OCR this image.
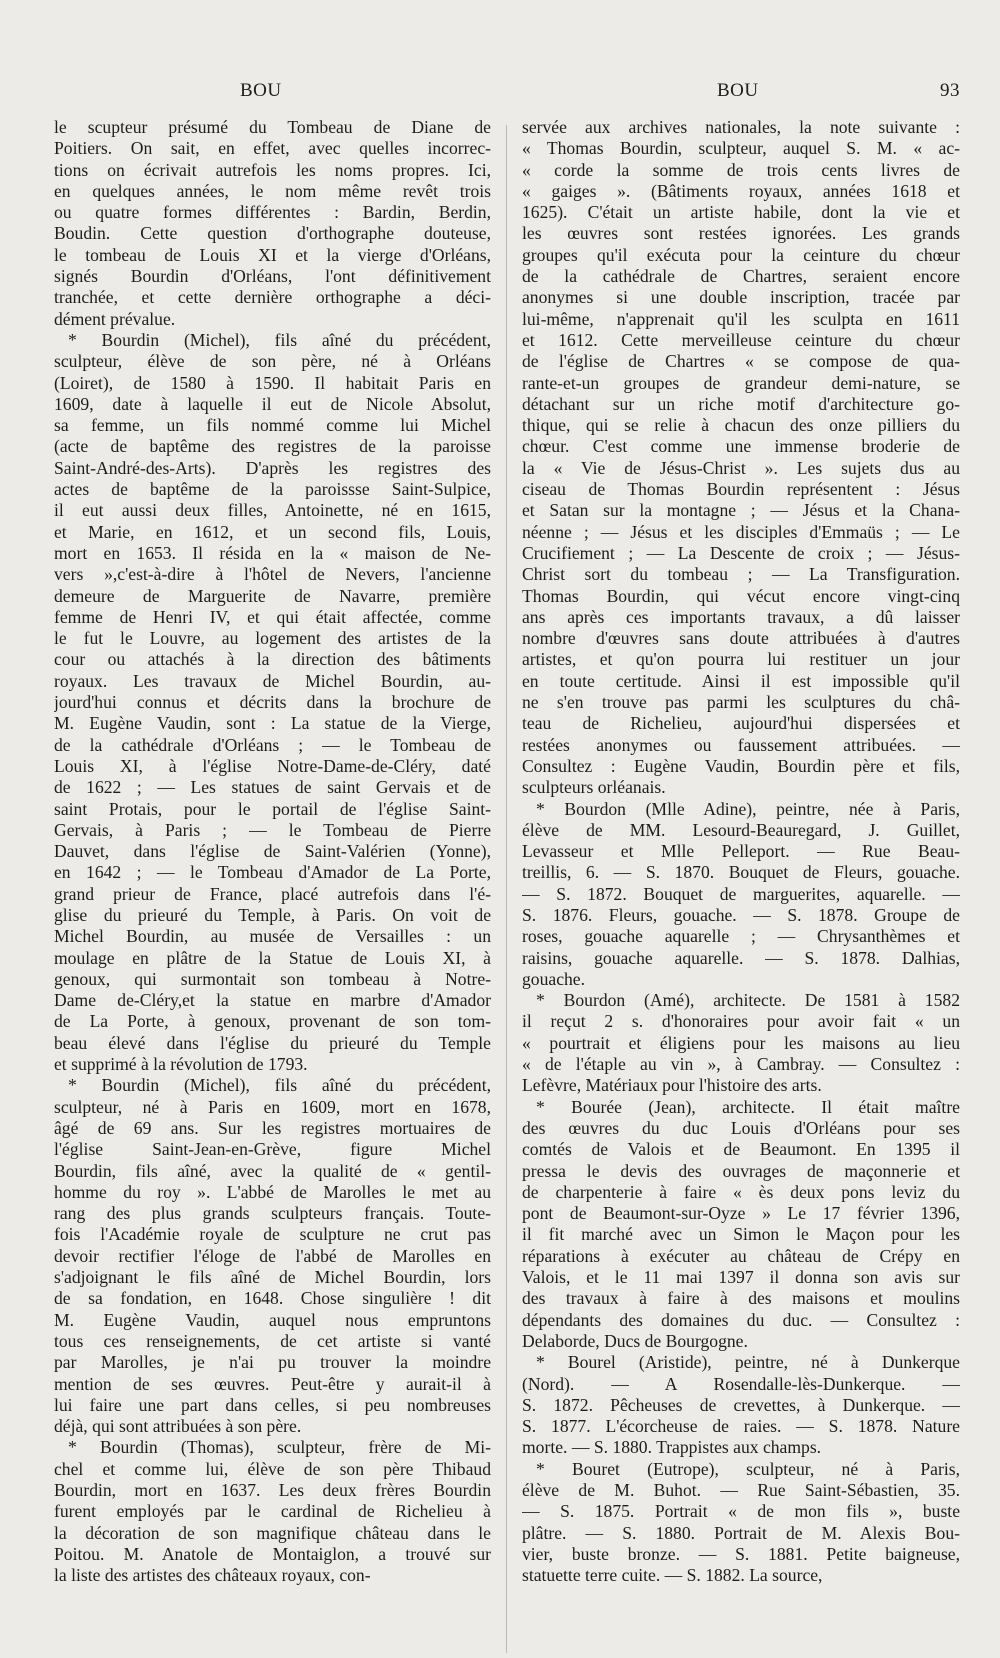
BOU	BOU	93
le scupteur présumé du Tombeau de Diane de
Poitiers. On sait, en effet, avec quelles incorrec-
tions on écrivait autrefois les noms propres. Ici,
en quelques années, le nom même revêt trois
ou quatre formes différentes : Bardin, Berdin,
Boudin. Cette question d'orthographe douteuse,
le tombeau de Louis XI et la vierge d'Orléans,
signés Bourdin d'Orléans, l'ont définitivement
tranchée, et cette dernière orthographe a déci-
dément prévalue.
* Bourdin (Michel), fils aîné du précédent,
sculpteur, élève de son père, né à Orléans
(Loiret), de 1580 à 1590. Il habitait Paris en
1609, date à laquelle il eut de Nicole Absolut,
sa femme, un fils nommé comme lui Michel
(acte de baptême des registres de la paroisse
Saint-André-des-Arts). D'après les registres des
actes de baptême de la paroissse Saint-Sulpice,
il eut aussi deux filles, Antoinette, né en 1615,
et Marie, en 1612, et un second fils, Louis,
mort en 1653. Il résida en la « maison de Ne-
vers »,c'est-à-dire à l'hôtel de Nevers, l'ancienne
demeure de Marguerite de Navarre, première
femme de Henri IV, et qui était affectée, comme
le fut le Louvre, au logement des artistes de la
cour ou attachés à la direction des bâtiments
royaux. Les travaux de Michel Bourdin, au-
jourd'hui connus et décrits dans la brochure de
M. Eugène Vaudin, sont : La statue de la Vierge,
de la cathédrale d'Orléans ; — le Tombeau de
Louis XI, à l'église Notre-Dame-de-Cléry, daté
de 1622 ; — Les statues de saint Gervais et de
saint Protais, pour le portail de l'église Saint-
Gervais, à Paris ; — le Tombeau de Pierre
Dauvet, dans l'église de Saint-Valérien (Yonne),
en 1642 ; — le Tombeau d'Amador de La Porte,
grand prieur de France, placé autrefois dans l'é-
glise du prieuré du Temple, à Paris. On voit de
Michel Bourdin, au musée de Versailles : un
moulage en plâtre de la Statue de Louis XI, à
genoux, qui surmontait son tombeau à Notre-
Dame de-Cléry,et la statue en marbre d'Amador
de La Porte, à genoux, provenant de son tom-
beau élevé dans l'église du prieuré du Temple
et supprimé à la révolution de 1793.
* Bourdin (Michel), fils aîné du précédent,
sculpteur, né à Paris en 1609, mort en 1678,
âgé de 69 ans. Sur les registres mortuaires de
l'église Saint-Jean-en-Grève, figure Michel
Bourdin, fils aîné, avec la qualité de « gentil-
homme du roy ». L'abbé de Marolles le met au
rang des plus grands sculpteurs français. Toute-
fois l'Académie royale de sculpture ne crut pas
devoir rectifier l'éloge de l'abbé de Marolles en
s'adjoignant le fils aîné de Michel Bourdin, lors
de sa fondation, en 1648. Chose singulière ! dit
M. Eugène Vaudin, auquel nous empruntons
tous ces renseignements, de cet artiste si vanté
par Marolles, je n'ai pu trouver la moindre
mention de ses œuvres. Peut-être y aurait-il à
lui faire une part dans celles, si peu nombreuses
déjà, qui sont attribuées à son père.
* Bourdin (Thomas), sculpteur, frère de Mi-
chel et comme lui, élève de son père Thibaud
Bourdin, mort en 1637. Les deux frères Bourdin
furent employés par le cardinal de Richelieu à
la décoration de son magnifique château dans le
Poitou. M. Anatole de Montaiglon, a trouvé sur
la liste des artistes des châteaux royaux, con-
servée aux archives nationales, la note suivante :
« Thomas Bourdin, sculpteur, auquel S. M. « ac-
« corde la somme de trois cents livres de
« gaiges ». (Bâtiments royaux, années 1618 et
1625). C'était un artiste habile, dont la vie et
les œuvres sont restées ignorées. Les grands
groupes qu'il exécuta pour la ceinture du chœur
de la cathédrale de Chartres, seraient encore
anonymes si une double inscription, tracée par
lui-même, n'apprenait qu'il les sculpta en 1611
et 1612. Cette merveilleuse ceinture du chœur
de l'église de Chartres « se compose de qua-
rante-et-un groupes de grandeur demi-nature, se
détachant sur un riche motif d'architecture go-
thique, qui se relie à chacun des onze pilliers du
chœur. C'est comme une immense broderie de
la « Vie de Jésus-Christ ». Les sujets dus au
ciseau de Thomas Bourdin représentent : Jésus
et Satan sur la montagne ; — Jésus et la Chana-
néenne ; — Jésus et les disciples d'Emmaüs ; — Le
Crucifiement ; — La Descente de croix ; — Jésus-
Christ sort du tombeau ; — La Transfiguration.
Thomas Bourdin, qui vécut encore vingt-cinq
ans après ces importants travaux, a dû laisser
nombre d'œuvres sans doute attribuées à d'autres
artistes, et qu'on pourra lui restituer un jour
en toute certitude. Ainsi il est impossible qu'il
ne s'en trouve pas parmi les sculptures du châ-
teau de Richelieu, aujourd'hui dispersées et
restées anonymes ou faussement attribuées. —
Consultez : Eugène Vaudin, Bourdin père et fils,
sculpteurs orléanais.
* Bourdon (Mlle Adine), peintre, née à Paris,
élève de MM. Lesourd-Beauregard, J. Guillet,
Levasseur et Mlle Pelleport. — Rue Beau-
treillis, 6. — S. 1870. Bouquet de Fleurs, gouache.
— S. 1872. Bouquet de marguerites, aquarelle. —
S. 1876. Fleurs, gouache. — S. 1878. Groupe de
roses, gouache aquarelle ; — Chrysanthèmes et
raisins, gouache aquarelle. — S. 1878. Dalhias,
gouache.
* Bourdon (Amé), architecte. De 1581 à 1582
il reçut 2 s. d'honoraires pour avoir fait « un
« pourtrait et éligiens pour les maisons au lieu
« de l'étaple au vin », à Cambray. — Consultez :
Lefèvre, Matériaux pour l'histoire des arts.
* Bourée (Jean), architecte. Il était maître
des œuvres du duc Louis d'Orléans pour ses
comtés de Valois et de Beaumont. En 1395 il
pressa le devis des ouvrages de maçonnerie et
de charpenterie à faire « ès deux pons leviz du
pont de Beaumont-sur-Oyze » Le 17 février 1396,
il fit marché avec un Simon le Maçon pour les
réparations à exécuter au château de Crépy en
Valois, et le 11 mai 1397 il donna son avis sur
des travaux à faire à des maisons et moulins
dépendants des domaines du duc. — Consultez :
Delaborde, Ducs de Bourgogne.
* Bourel (Aristide), peintre, né à Dunkerque
(Nord). — A Rosendalle-lès-Dunkerque. —
S. 1872. Pêcheuses de crevettes, à Dunkerque. —
S. 1877. L'écorcheuse de raies. — S. 1878. Nature
morte. — S. 1880. Trappistes aux champs.
* Bouret (Eutrope), sculpteur, né à Paris,
élève de M. Buhot. — Rue Saint-Sébastien, 35.
— S. 1875. Portrait « de mon fils », buste
plâtre. — S. 1880. Portrait de M. Alexis Bou-
vier, buste bronze. — S. 1881. Petite baigneuse,
statuette terre cuite. — S. 1882. La source,
